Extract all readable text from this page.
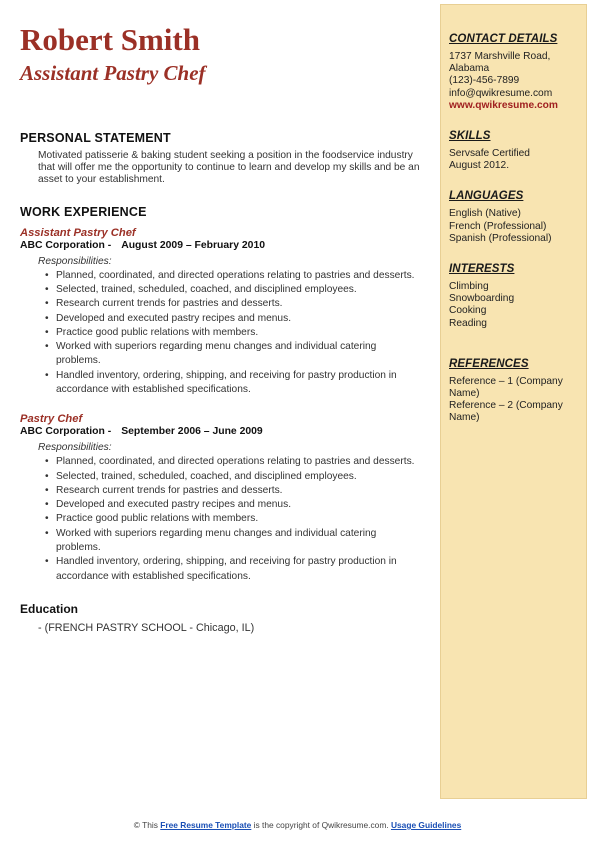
Robert Smith
Assistant Pastry Chef
PERSONAL STATEMENT
Motivated patisserie & baking student seeking a position in the foodservice industry that will offer me the opportunity to continue to learn and develop my skills and be an asset to your establishment.
WORK EXPERIENCE
Assistant Pastry Chef
ABC Corporation - August 2009 – February 2010
Responsibilities:
• Planned, coordinated, and directed operations relating to pastries and desserts.
• Selected, trained, scheduled, coached, and disciplined employees.
• Research current trends for pastries and desserts.
• Developed and executed pastry recipes and menus.
• Practice good public relations with members.
• Worked with superiors regarding menu changes and individual catering problems.
• Handled inventory, ordering, shipping, and receiving for pastry production in accordance with established specifications.
Pastry Chef
ABC Corporation - September 2006 – June 2009
Responsibilities:
• Planned, coordinated, and directed operations relating to pastries and desserts.
• Selected, trained, scheduled, coached, and disciplined employees.
• Research current trends for pastries and desserts.
• Developed and executed pastry recipes and menus.
• Practice good public relations with members.
• Worked with superiors regarding menu changes and individual catering problems.
• Handled inventory, ordering, shipping, and receiving for pastry production in accordance with established specifications.
Education
- (FRENCH PASTRY SCHOOL - Chicago, IL)
CONTACT DETAILS
1737 Marshville Road,
Alabama
(123)-456-7899
info@qwikresume.com
www.qwikresume.com
SKILLS
Servsafe Certified
August 2012.
LANGUAGES
English (Native)
French (Professional)
Spanish (Professional)
INTERESTS
Climbing
Snowboarding
Cooking
Reading
REFERENCES
Reference – 1 (Company
Name)
Reference – 2 (Company
Name)
© This Free Resume Template is the copyright of Qwikresume.com. Usage Guidelines
